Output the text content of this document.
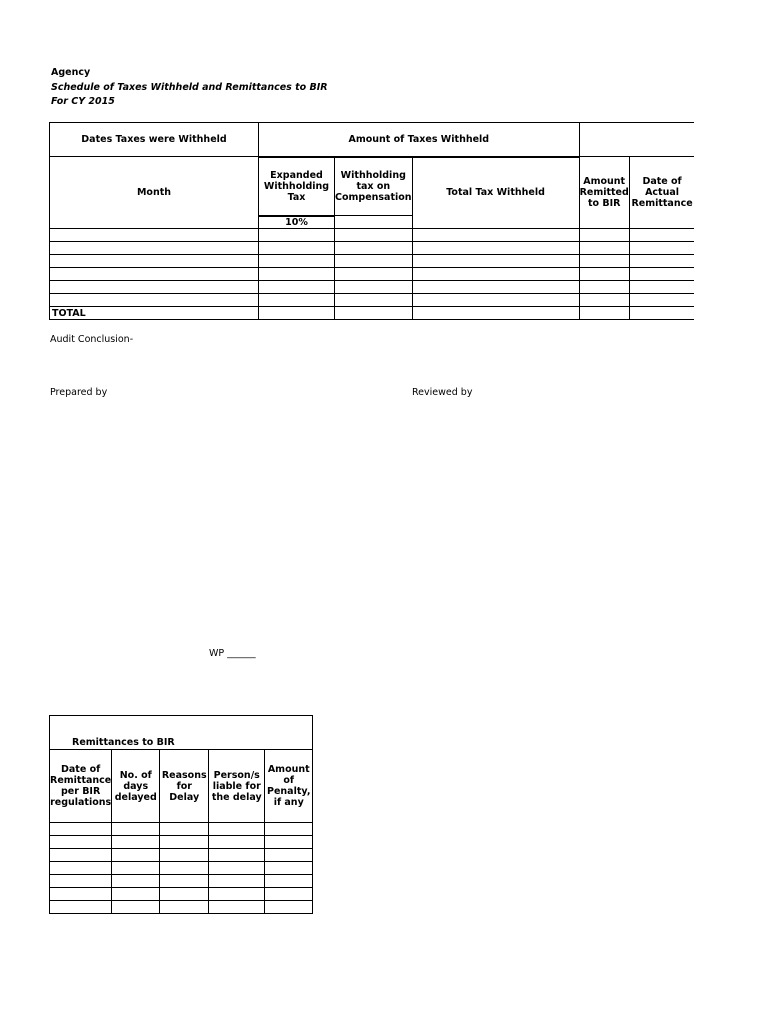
Agency
Schedule of Taxes Withheld and Remittances to BIR
For CY 2015
Dates Taxes were Withheld	Amount of Taxes Withheld				
Month	Expanded Withholding Tax	Withholding tax on Compensation	Total Tax Withheld	Amount Remitted to BIR	Date of Actual Remittance
	10%				

TOTAL					
Audit Conclusion-
Prepared by	Reviewed by
WP ______
Remittances to BIR				
Date of Remittance per BIR regulations	No. of days delayed	Reasons for Delay	Person/s liable for the delay	Amount of Penalty, if any
